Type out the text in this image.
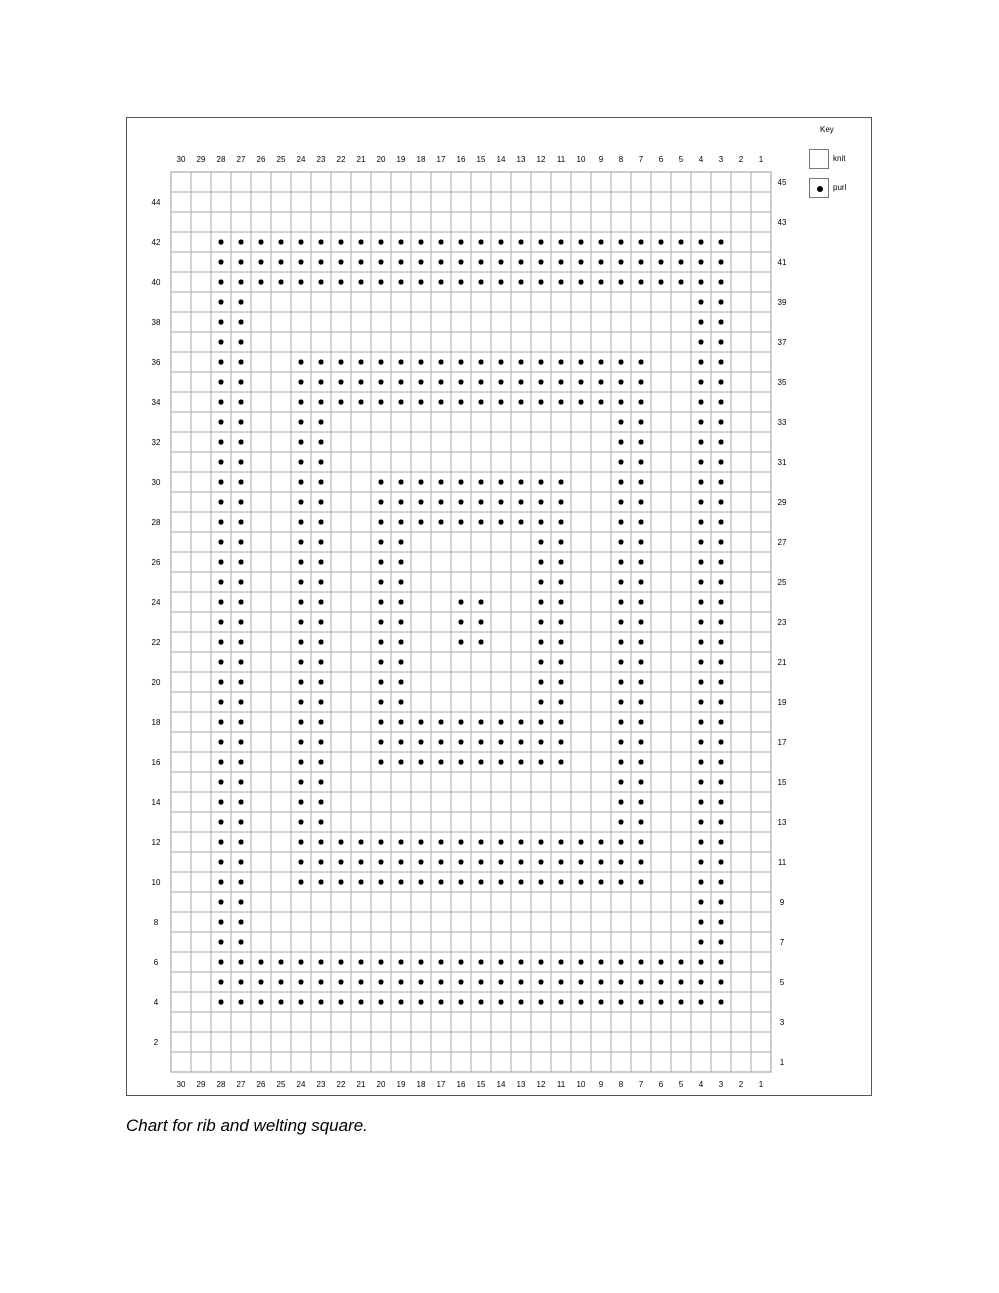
30
30
29
29
28
28
27
27
26
26
25
25
24
24
23
23
22
22
21
21
20
20
19
19
18
18
17
17
16
16
15
15
14
14
13
13
12
12
11
11
10
10
9
9
8
8
7
7
6
6
5
5
4
4
3
3
2
2
1
1
44
42
40
38
36
34
32
30
28
26
24
22
20
18
16
14
12
10
8
6
4
2
45
43
41
39
37
35
33
31
29
27
25
23
21
19
17
15
13
11
9
7
5
3
1
Key
knit
purl
Chart for rib and welting square.
